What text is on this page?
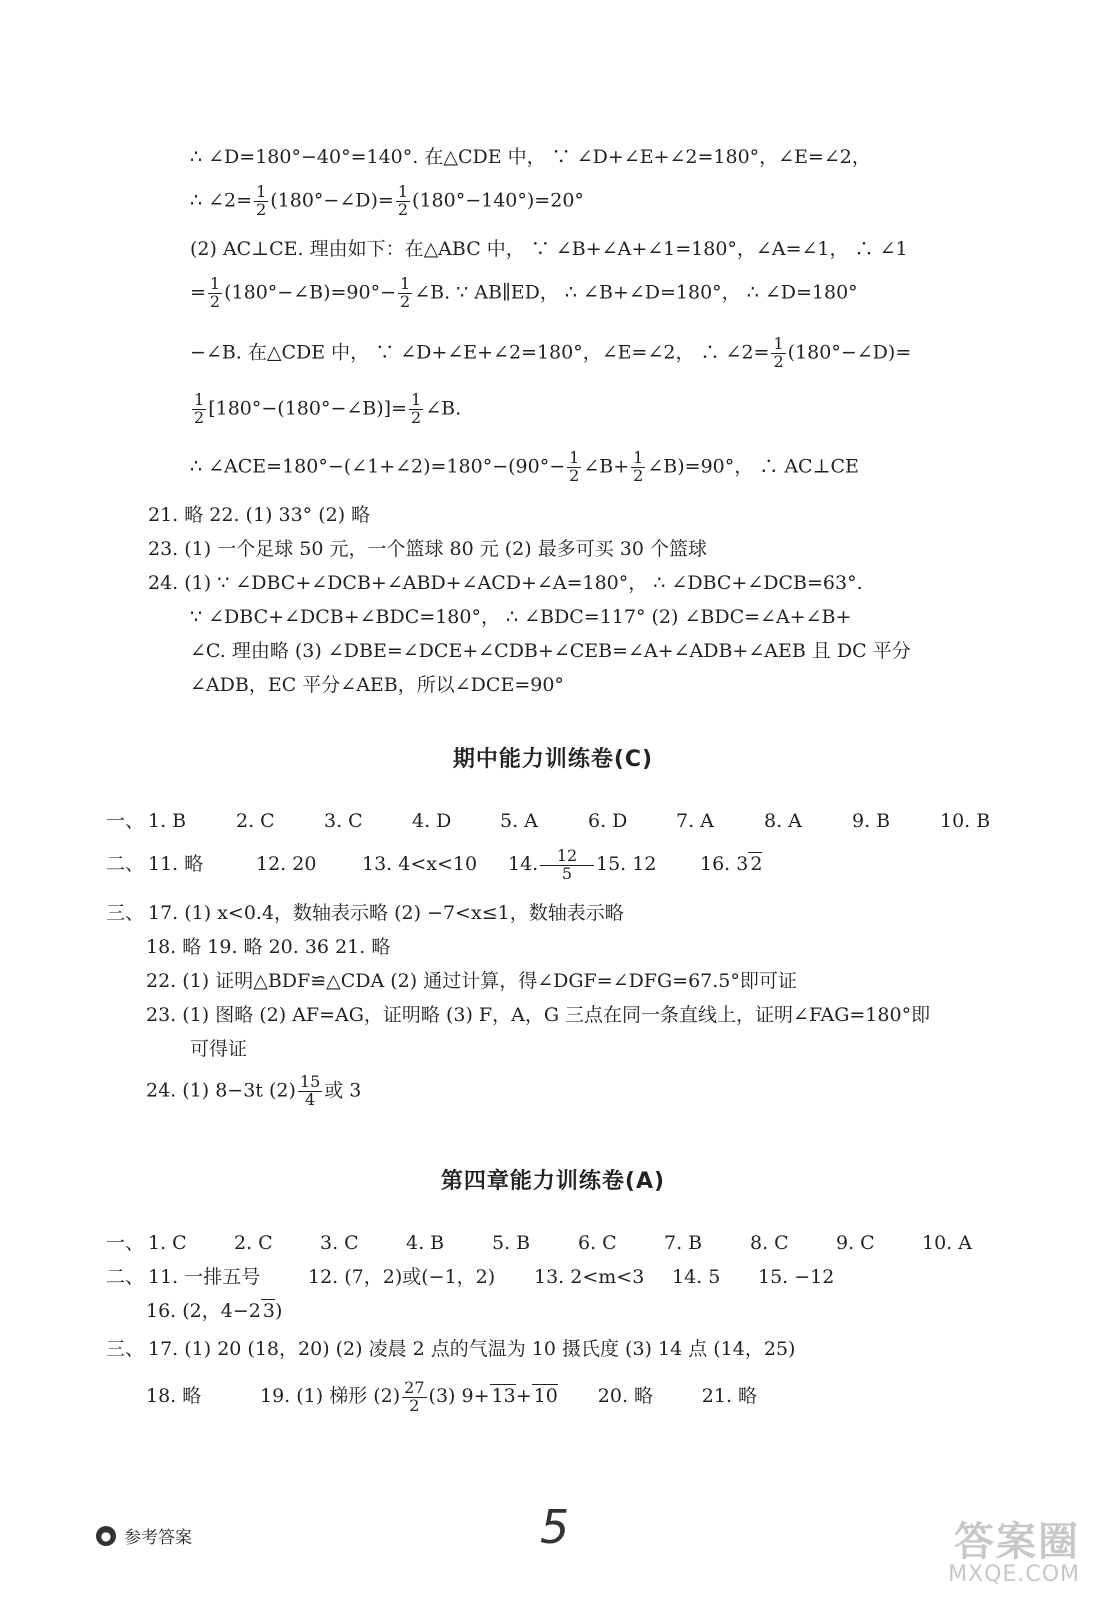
∴ ∠D=180°−40°=140°. 在△CDE 中， ∵ ∠D+∠E+∠2=180°，∠E=∠2，
∴ ∠2= $\frac{1}{2}$ (180°−∠D)= $\frac{1}{2} (180^\circ-140^\circ)=20^\circ$
(2) AC⊥CE. 理由如下：在△ABC 中， ∵ ∠B+∠A+∠1=180°，∠A=∠1， ∴ ∠1
= $\frac{1}{2}$ (180°−∠B)=90°− $\frac{1}{2}$ ∠B. ∵ AB∥ED， ∴ ∠B+∠D=180°， ∴ ∠D=180°
−∠B. 在△CDE 中， ∵ ∠D+∠E+∠2=180°，∠E=∠2， ∴ ∠2= $\frac{1}{2}$ (180°−∠D)=
$\frac{1}{2}$ [180°−(180°−∠B)]= $\frac{1}{2}$ ∠B.
∴ ∠ACE=180°−(∠1+∠2)=180°−(90°− $\frac{1}{2}$ ∠B+ $\frac{1}{2}$ ∠B)=90°， ∴ AC⊥CE
21. 略 22. (1) 33° (2) 略
23. (1) 一个足球 50 元，一个篮球 80 元 (2) 最多可买 30 个篮球
24. (1) ∵ ∠DBC+∠DCB+∠ABD+∠ACD+∠A=180°， ∴ ∠DBC+∠DCB=63°.
∵ ∠DBC+∠DCB+∠BDC=180°， ∴ ∠BDC=117° (2) ∠BDC=∠A+∠B+
∠C. 理由略 (3) ∠DBE=∠DCE+∠CDB+∠CEB=∠A+∠ADB+∠AEB 且 DC 平分
∠ADB，EC 平分∠AEB，所以∠DCE=90°
期中能力训练卷(C)
一、 1. B	2. C	3. C	4. D	5. A	6. D	7. A	8. A	9. B	10. B
二、 11. 略	12. 20 13. 4<x<10 14. $\frac{12}{5} 15$. 12 16. 3 2
三、 17. (1) x<0.4，数轴表示略 (2) −7<x≤1，数轴表示略
18. 略 19. 略 20. 36 21. 略
22. (1) 证明△BDF≌△CDA (2) 通过计算，得∠DGF=∠DFG=67.5°即可证
23. (1) 图略 (2) AF=AG，证明略 (3) F，A，G 三点在同一条直线上，证明∠FAG=180°即
可得证
24. (1) 8−3t $(2) \frac{15}{4}$ 或 3
第四章能力训练卷(A)
一、 1. C 2. C 3. C 4. B	5. B	6. C 7. B	8. C 9. C 10. A
二、 11. 一排五号	12. (7，2)或(−1，2) 13. 2<m<3 14. 5 15. −12
16. (2，4−2 3)
三、 17. (1) 20 (18，20) (2) 凌晨 2 点的气温为 10 摄氏度 (3) 14 点 (14，25)
18. 略	19. (1) 梯形 $(2) \frac{27}{2} (3)$ 9+ 13+ 10 20. 略	21. 略
● 参考答案	5	答案圈
MXQE.COM
